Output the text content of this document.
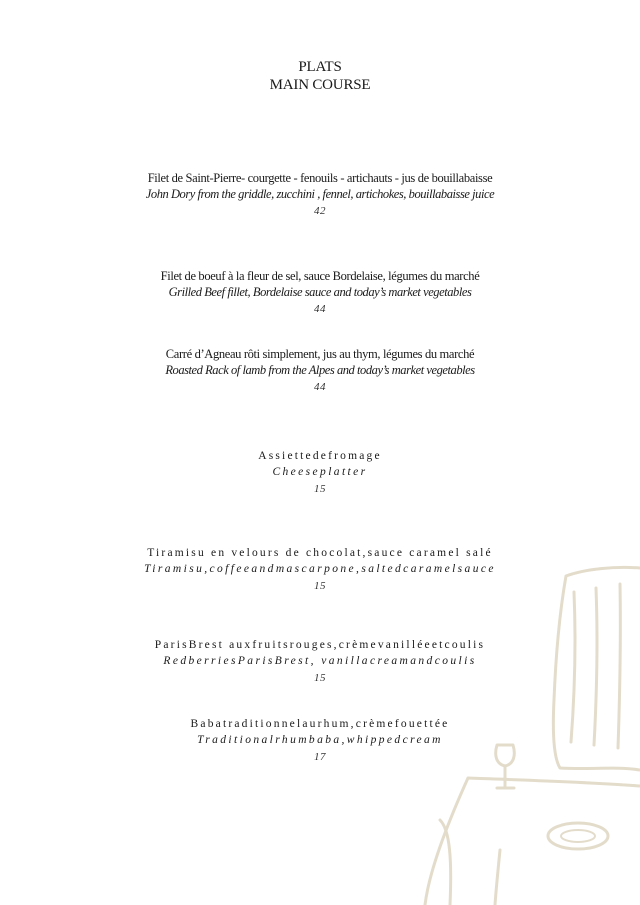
PLATS
MAIN COURSE
Filet de Saint-Pierre- courgette - fenouils - artichauts - jus de bouillabaisse
John Dory from the griddle, zucchini , fennel, artichokes, bouillabaisse juice
42
Filet de boeuf à la fleur de sel, sauce Bordelaise, légumes du marché
Grilled Beef fillet, Bordelaise sauce and today’s market vegetables
44
Carré d’Agneau rôti simplement, jus au thym, légumes du marché
Roasted Rack of lamb from the Alpes and today’s market vegetables
44
Assiettedefromage
Cheeseplatter
15
Tiramisu en velours de chocolat,sauce caramel salé
Tiramisu,coffeeandmascarpone,saltedcaramelsauce
15
ParisBrest auxfruitsrouges,crèmevanilléeetcoulis
RedberriesParisBrest, vanillacreamandcoulis
15
Babatraditionnelaurhum,crèmefouettée
Traditionalrhumbaba,whippedcream
17
